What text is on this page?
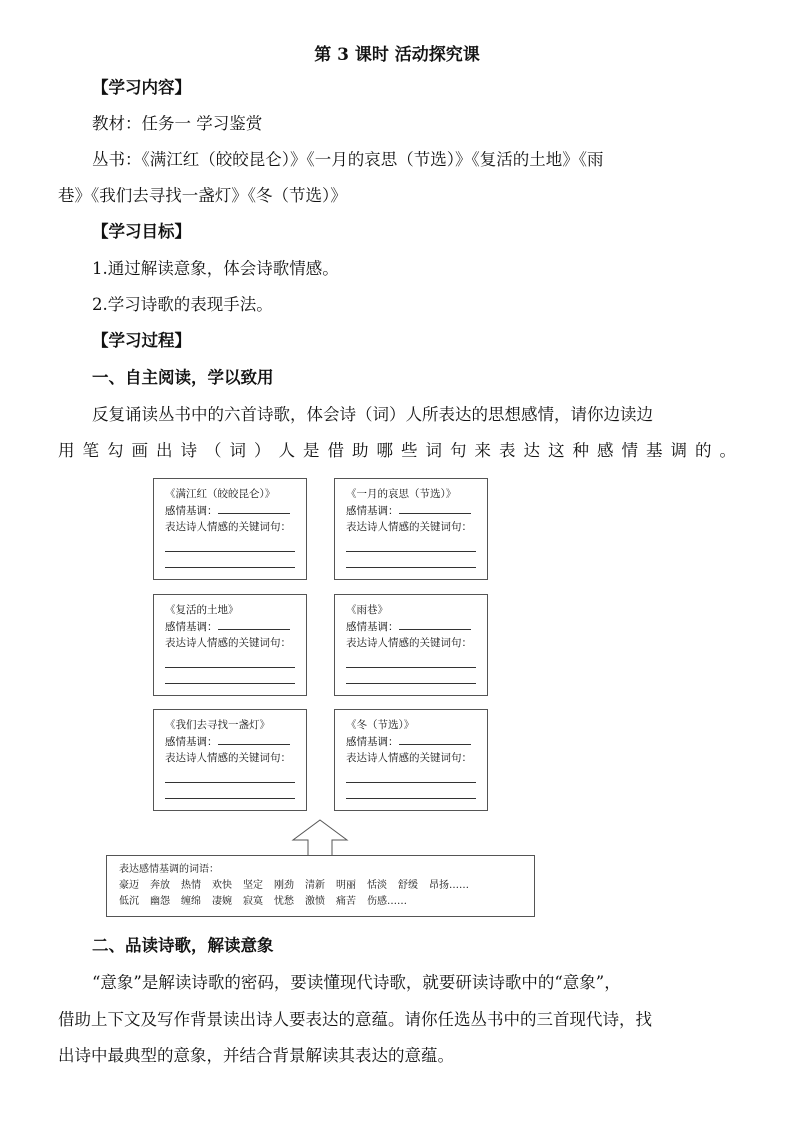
第 3 课时 活动探究课
【学习内容】
教材：任务一 学习鉴赏
丛书：《满江红（皎皎昆仑）》《一月的哀思（节选）》《复活的土地》《雨
巷》《我们去寻找一盏灯》《冬（节选）》
【学习目标】
1.通过解读意象，体会诗歌情感。
2.学习诗歌的表现手法。
【学习过程】
一、自主阅读，学以致用
反复诵读丛书中的六首诗歌，体会诗（词）人所表达的思想感情，请你边读边
用笔勾画出诗（词）人是借助哪些词句来表达这种感情基调的。
《满江红（皎皎昆仑）》
感情基调：
表达诗人情感的关键词句：
《一月的哀思（节选）》
感情基调：
表达诗人情感的关键词句：
《复活的土地》
感情基调：
表达诗人情感的关键词句：
《雨巷》
感情基调：
表达诗人情感的关键词句：
《我们去寻找一盏灯》
感情基调：
表达诗人情感的关键词句：
《冬（节选）》
感情基调：
表达诗人情感的关键词句：
表达感情基调的词语：
豪迈 奔放 热情 欢快 坚定 刚劲 清新 明丽 恬淡 舒缓 昂扬……
低沉 幽怨 缠绵 凄婉 寂寞 忧愁 激愤 痛苦 伤感……
二、品读诗歌，解读意象
“意象”是解读诗歌的密码，要读懂现代诗歌，就要研读诗歌中的“意象”，
借助上下文及写作背景读出诗人要表达的意蕴。请你任选丛书中的三首现代诗，找
出诗中最典型的意象，并结合背景解读其表达的意蕴。
